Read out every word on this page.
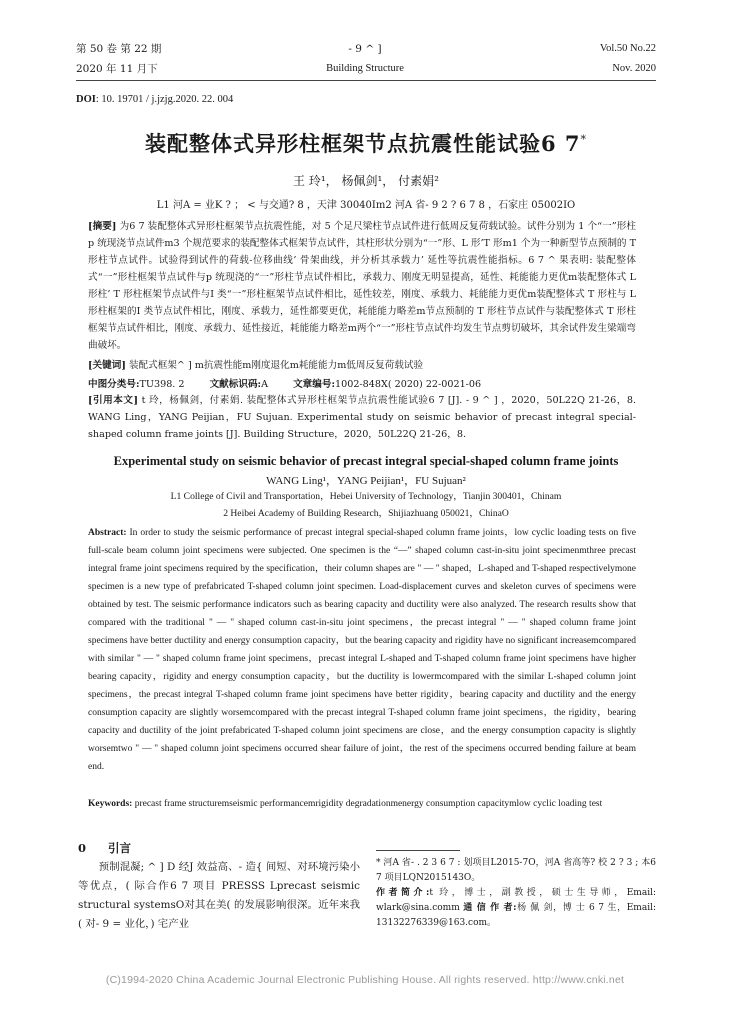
第 50 卷 第 22 期
2020 年 11 月下
- 9 ^ ]
Building Structure
Vol.50 No.22
Nov. 2020
DOI: 10. 19701 / j.jzjg.2020. 22. 004
装配整体式异形柱框架节点抗震性能试验6 7*
王 玲¹， 杨佩剑¹， 付素娟²
L1 河A = 业K ? ； < 与交通? 8 ，天津 30040Im2 河A 省- 9 2 ? 6 7 8 ，石家庄 05002IO

[摘要] 为6 7 装配整体式异形柱框架节点抗震性能，对 5 个足尺梁柱节点试件进行低周反复荷载试验。试件分别为 1 个“一”形柱p 统现浇节点试件m3 个规范要求的装配整体式框架节点试件，其柱形状分别为“一”形、L 形’T 形m1 个为一种新型节点预制的 T 形柱节点试件。试验得到试件的荷载-位移曲线’ 骨架曲线，并分析其承载力’ 延性等抗震性能指标。6 7 ^ 果表明: 装配整体式“一”形柱框架节点试件与p 统现浇的“一”形柱节点试件相比，承载力、刚度无明显提高，延性、耗能能力更优m装配整体式 L 形柱’ T 形柱框架节点试件与I 类“一”形柱框架节点试件相比，延性较差，刚度、承载力、耗能能力更优m装配整体式 T 形柱与 L 形柱框架的I 类节点试件相比，刚度、承载力，延性都要更优，耗能能力略差m节点预制的 T 形柱节点试件与装配整体式 T 形柱框架节点试件相比，刚度、承载力、延性接近，耗能能力略差m两个“一”形柱节点试件均发生节点剪切破坏，其余试件发生梁端弯曲破坏。

[关键词] 装配式框架^ ] m抗震性能m刚度退化m耗能能力m低周反复荷载试验

中图分类号:TU398. 2	文献标识码:A	文章编号:1002-848X( 2020) 22-0021-06

[引用本文] t 玲，杨佩剑，付素娟. 装配整体式异形柱框架节点抗震性能试验6 7 [J]. - 9 ^ ] ，2020，50L22Q 21-26，8. WANG Ling，YANG Peijian，FU Sujuan. Experimental study on seismic behavior of precast integral special-shaped column frame joints [J]. Building Structure，2020，50L22Q 21-26，8.

Experimental study on seismic behavior of precast integral special-shaped column frame joints
WANG Ling¹，YANG Peijian¹，FU Sujuan²
L1 College of Civil and Transportation，Hebei University of Technology，Tianjin 300401，Chinam
2 Heibei Academy of Building Research，Shijiazhuang 050021，ChinaO

Abstract: In order to study the seismic performance of precast integral special-shaped column frame joints，low cyclic loading tests on five full-scale beam column joint specimens were subjected. One specimen is the “—” shaped column cast-in-situ joint specimenmthree precast integral frame joint specimens required by the specification，their column shapes are " — " shaped，L-shaped and T-shaped respectivelymone specimen is a new type of prefabricated T-shaped column joint specimen. Load-displacement curves and skeleton curves of specimens were obtained by test. The seismic performance indicators such as bearing capacity and ductility were also analyzed. The research results show that compared with the traditional " — " shaped column cast-in-situ joint specimens，the precast integral " — " shaped column frame joint specimens have better ductility and energy consumption capacity，but the bearing capacity and rigidity have no significant increasemcompared with similar " — " shaped column frame joint specimens，precast integral L-shaped and T-shaped column frame joint specimens have higher bearing capacity，rigidity and energy consumption capacity，but the ductility is lowermcompared with the similar L-shaped column joint specimens，the precast integral T-shaped column frame joint specimens have better rigidity，bearing capacity and ductility and the energy consumption capacity are slightly worsemcompared with the precast integral T-shaped column frame joint specimens，the rigidity，bearing capacity and ductility of the joint prefabricated T-shaped column joint specimens are close，and the energy consumption capacity is slightly worsemtwo " — " shaped column joint specimens occurred shear failure of joint，the rest of the specimens occurred bending failure at beam end.

Keywords: precast frame structuremseismic performancemrigidity degradationmenergy consumption capacitymlow cyclic loading test

0 引言

预制混凝; ^ ] D 经J 效益高、- 造{ 间短、对环境污染小等优点，( 际合作6 7 项目 PRESSS Lprecast seismic structural systemsO对其在美( 的发展影响很深。近年来我( 对- 9 = 业化，) 宅产业

* 河A 省- . 2 3 6 7 : 划项目L2015-7O，河A 省高等? 校 2 ? 3 ; 本6 7 项目LQN2015143O。

作者简介:t 玲，博士，副教授，硕士生导师，Email: wlark@sina.comm 通 信 作 者:杨 佩 剑，博 士 6 7 生，Email: 13132276339@163.com。

(C)1994-2020 China Academic Journal Electronic Publishing House. All rights reserved. http://www.cnki.net
